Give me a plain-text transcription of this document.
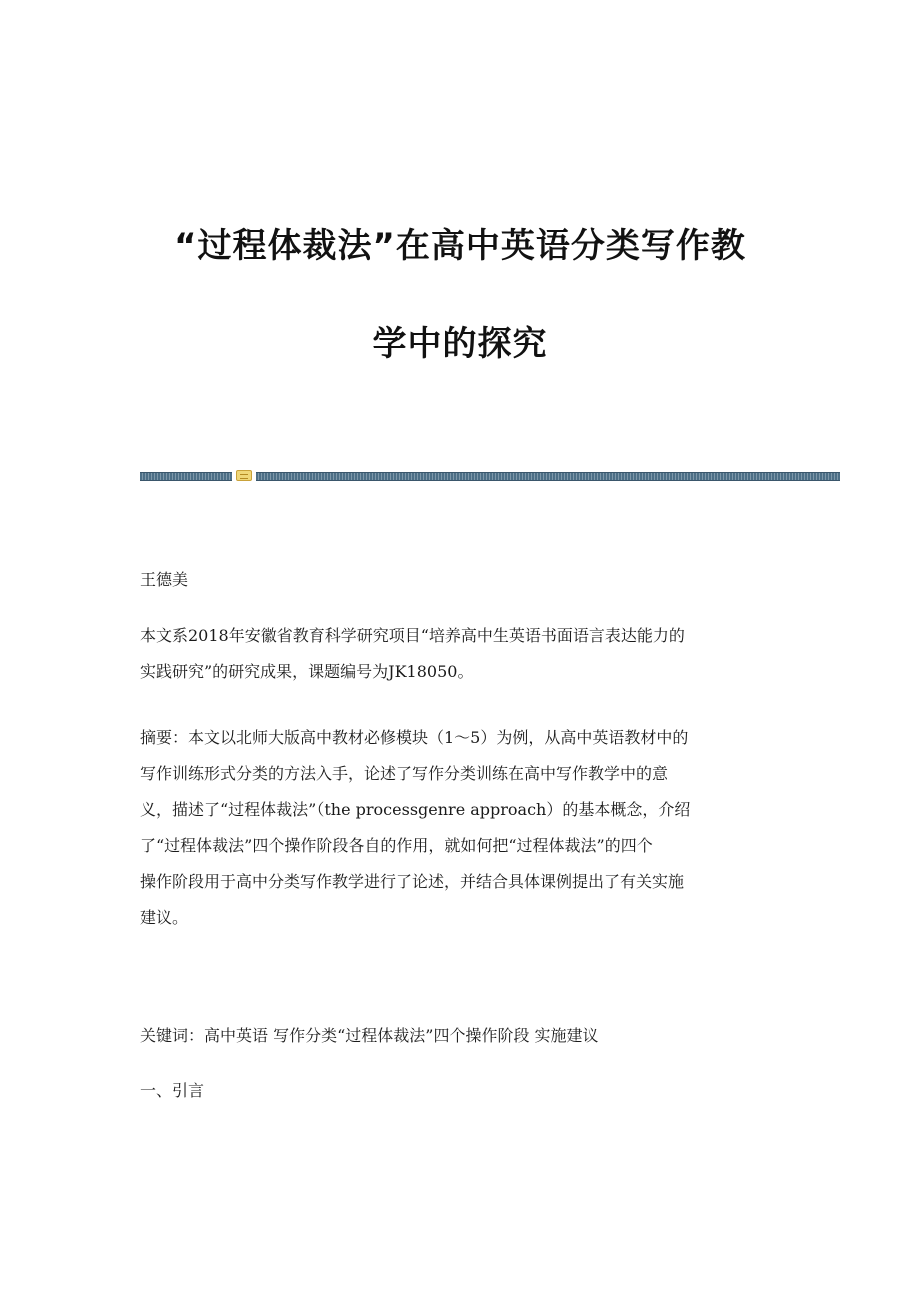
“过程体裁法”在高中英语分类写作教
学中的探究
王德美
本文系2018年安徽省教育科学研究项目“培养高中生英语书面语言表达能力的
实践研究”的研究成果，课题编号为JK18050。
摘要：本文以北师大版高中教材必修模块（1～5）为例，从高中英语教材中的
写作训练形式分类的方法入手，论述了写作分类训练在高中写作教学中的意
义，描述了“过程体裁法”（the processgenre approach）的基本概念，介绍
了“过程体裁法”四个操作阶段各自的作用，就如何把“过程体裁法”的四个
操作阶段用于高中分类写作教学进行了论述，并结合具体课例提出了有关实施
建议。
关键词：高中英语 写作分类“过程体裁法”四个操作阶段 实施建议
一、引言
